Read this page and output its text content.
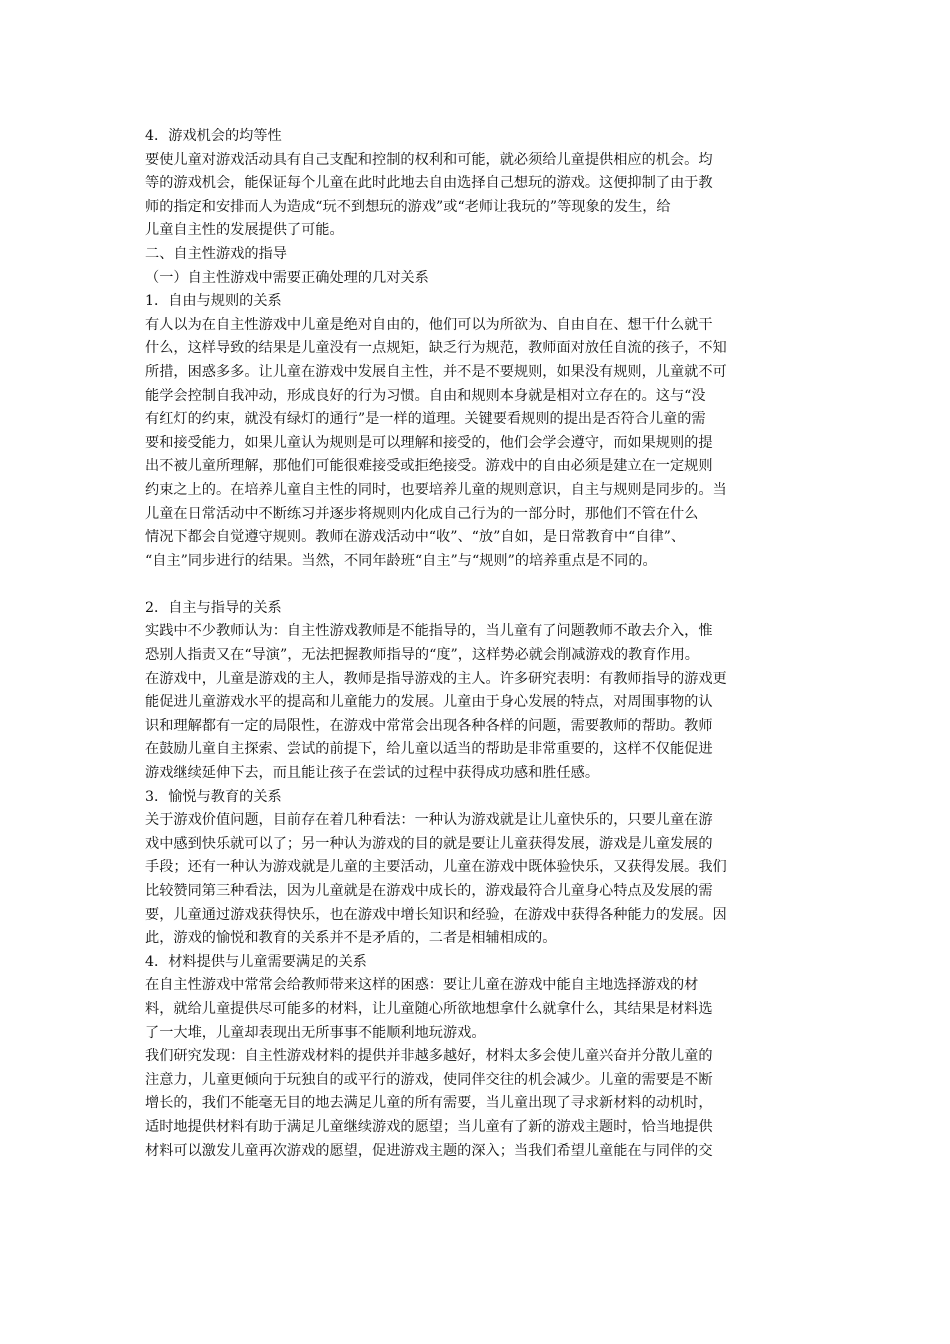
4．游戏机会的均等性
要使儿童对游戏活动具有自己支配和控制的权利和可能，就必须给儿童提供相应的机会。均
等的游戏机会，能保证每个儿童在此时此地去自由选择自己想玩的游戏。这便抑制了由于教
师的指定和安排而人为造成“玩不到想玩的游戏”或“老师让我玩的”等现象的发生，给
儿童自主性的发展提供了可能。
二、自主性游戏的指导
（一）自主性游戏中需要正确处理的几对关系
1．自由与规则的关系
有人以为在自主性游戏中儿童是绝对自由的，他们可以为所欲为、自由自在、想干什么就干
什么，这样导致的结果是儿童没有一点规矩，缺乏行为规范，教师面对放任自流的孩子，不知
所措，困惑多多。让儿童在游戏中发展自主性，并不是不要规则，如果没有规则，儿童就不可
能学会控制自我冲动，形成良好的行为习惯。自由和规则本身就是相对立存在的。这与“没
有红灯的约束，就没有绿灯的通行”是一样的道理。关键要看规则的提出是否符合儿童的需
要和接受能力，如果儿童认为规则是可以理解和接受的，他们会学会遵守，而如果规则的提
出不被儿童所理解，那他们可能很难接受或拒绝接受。游戏中的自由必须是建立在一定规则
约束之上的。在培养儿童自主性的同时，也要培养儿童的规则意识，自主与规则是同步的。当
儿童在日常活动中不断练习并逐步将规则内化成自己行为的一部分时，那他们不管在什么
情况下都会自觉遵守规则。教师在游戏活动中“收”、“放”自如，是日常教育中“自律”、
“自主”同步进行的结果。当然，不同年龄班“自主”与“规则”的培养重点是不同的。
2．自主与指导的关系
实践中不少教师认为：自主性游戏教师是不能指导的，当儿童有了问题教师不敢去介入，惟
恐别人指责又在“导演”，无法把握教师指导的“度”，这样势必就会削减游戏的教育作用。
在游戏中，儿童是游戏的主人，教师是指导游戏的主人。许多研究表明：有教师指导的游戏更
能促进儿童游戏水平的提高和儿童能力的发展。儿童由于身心发展的特点，对周围事物的认
识和理解都有一定的局限性，在游戏中常常会出现各种各样的问题，需要教师的帮助。教师
在鼓励儿童自主探索、尝试的前提下，给儿童以适当的帮助是非常重要的，这样不仅能促进
游戏继续延伸下去，而且能让孩子在尝试的过程中获得成功感和胜任感。
3．愉悦与教育的关系
关于游戏价值问题，目前存在着几种看法：一种认为游戏就是让儿童快乐的，只要儿童在游
戏中感到快乐就可以了；另一种认为游戏的目的就是要让儿童获得发展，游戏是儿童发展的
手段；还有一种认为游戏就是儿童的主要活动，儿童在游戏中既体验快乐，又获得发展。我们
比较赞同第三种看法，因为儿童就是在游戏中成长的，游戏最符合儿童身心特点及发展的需
要，儿童通过游戏获得快乐，也在游戏中增长知识和经验，在游戏中获得各种能力的发展。因
此，游戏的愉悦和教育的关系并不是矛盾的，二者是相辅相成的。
4．材料提供与儿童需要满足的关系
在自主性游戏中常常会给教师带来这样的困惑：要让儿童在游戏中能自主地选择游戏的材
料，就给儿童提供尽可能多的材料，让儿童随心所欲地想拿什么就拿什么，其结果是材料选
了一大堆，儿童却表现出无所事事不能顺利地玩游戏。
我们研究发现：自主性游戏材料的提供并非越多越好，材料太多会使儿童兴奋并分散儿童的
注意力，儿童更倾向于玩独自的或平行的游戏，使同伴交往的机会减少。儿童的需要是不断
增长的，我们不能毫无目的地去满足儿童的所有需要，当儿童出现了寻求新材料的动机时，
适时地提供材料有助于满足儿童继续游戏的愿望；当儿童有了新的游戏主题时，恰当地提供
材料可以激发儿童再次游戏的愿望，促进游戏主题的深入；当我们希望儿童能在与同伴的交
